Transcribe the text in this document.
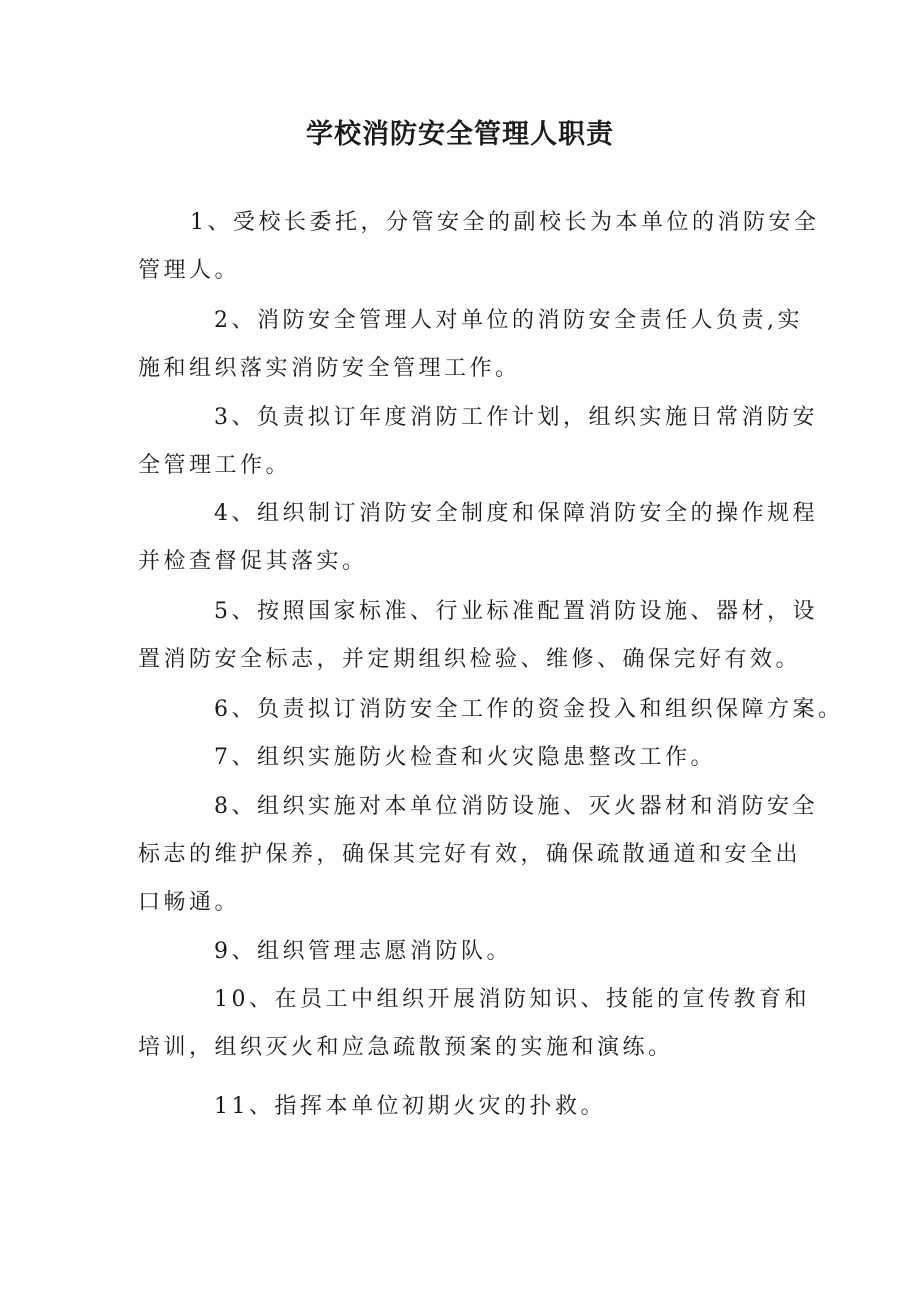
学校消防安全管理人职责
1、受校长委托，分管安全的副校长为本单位的消防安全
管理人。
2、消防安全管理人对单位的消防安全责任人负责,实
施和组织落实消防安全管理工作。
3、负责拟订年度消防工作计划，组织实施日常消防安
全管理工作。
4、组织制订消防安全制度和保障消防安全的操作规程
并检查督促其落实。
5、按照国家标准、行业标准配置消防设施、器材，设
置消防安全标志，并定期组织检验、维修、确保完好有效。
6、负责拟订消防安全工作的资金投入和组织保障方案。
7、组织实施防火检查和火灾隐患整改工作。
8、组织实施对本单位消防设施、灭火器材和消防安全
标志的维护保养，确保其完好有效，确保疏散通道和安全出
口畅通。
9、组织管理志愿消防队。
10、在员工中组织开展消防知识、技能的宣传教育和
培训，组织灭火和应急疏散预案的实施和演练。
11、指挥本单位初期火灾的扑救。
